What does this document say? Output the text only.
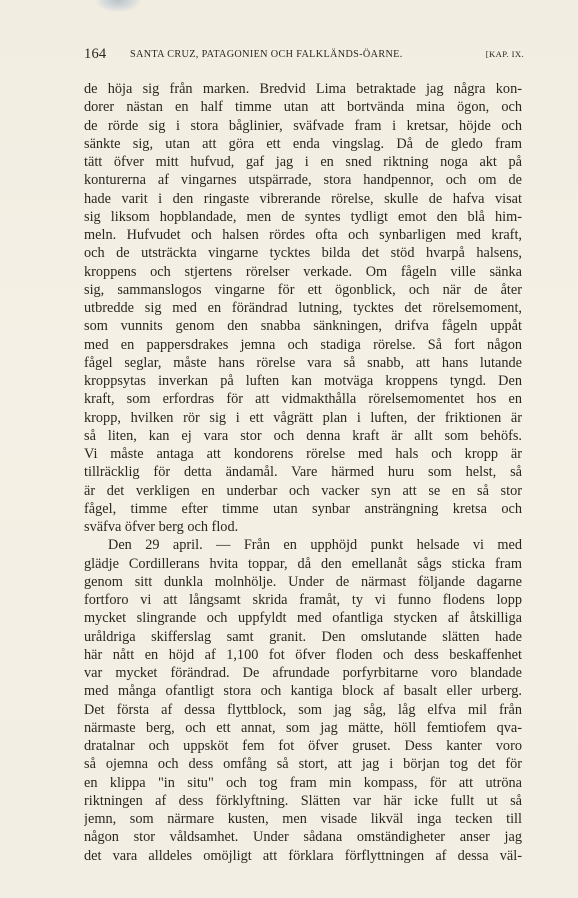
164 SANTA CRUZ, PATAGONIEN OCH FALKLÄNDS-ÖARNE.	[KAP. IX.
de höja sig från marken. Bredvid Lima betraktade jag några kon-
dorer nästan en half timme utan att bortvända mina ögon, och
de rörde sig i stora båglinier, sväfvade fram i kretsar, höjde och
sänkte sig, utan att göra ett enda vingslag. Då de gledo fram
tätt öfver mitt hufvud, gaf jag i en sned riktning noga akt på
konturerna af vingarnes utspärrade, stora handpennor, och om de
hade varit i den ringaste vibrerande rörelse, skulle de hafva visat
sig liksom hopblandade, men de syntes tydligt emot den blå him-
meln. Hufvudet och halsen rördes ofta och synbarligen med kraft,
och de utsträckta vingarne tycktes bilda det stöd hvarpå halsens,
kroppens och stjertens rörelser verkade. Om fågeln ville sänka
sig, sammanslogos vingarne för ett ögonblick, och när de åter
utbredde sig med en förändrad lutning, tycktes det rörelsemoment,
som vunnits genom den snabba sänkningen, drifva fågeln uppåt
med en pappersdrakes jemna och stadiga rörelse. Så fort någon
fågel seglar, måste hans rörelse vara så snabb, att hans lutande
kroppsytas inverkan på luften kan motväga kroppens tyngd. Den
kraft, som erfordras för att vidmakthålla rörelsemomentet hos en
kropp, hvilken rör sig i ett vågrätt plan i luften, der friktionen är
så liten, kan ej vara stor och denna kraft är allt som behöfs.
Vi måste antaga att kondorens rörelse med hals och kropp är
tillräcklig för detta ändamål. Vare härmed huru som helst, så
är det verkligen en underbar och vacker syn att se en så stor
fågel, timme efter timme utan synbar ansträngning kretsa och
sväfva öfver berg och flod.
Den 29 april. — Från en upphöjd punkt helsade vi med
glädje Cordillerans hvita toppar, då den emellanåt sågs sticka fram
genom sitt dunkla molnhölje. Under de närmast följande dagarne
fortforo vi att långsamt skrida framåt, ty vi funno flodens lopp
mycket slingrande och uppfyldt med ofantliga stycken af åtskilliga
uråldriga skifferslag samt granit. Den omslutande slätten hade
här nått en höjd af 1,100 fot öfver floden och dess beskaffenhet
var mycket förändrad. De afrundade porfyrbitarne voro blandade
med många ofantligt stora och kantiga block af basalt eller urberg.
Det första af dessa flyttblock, som jag såg, låg elfva mil från
närmaste berg, och ett annat, som jag mätte, höll femtiofem qva-
dratalnar och uppsköt fem fot öfver gruset. Dess kanter voro
så ojemna och dess omfång så stort, att jag i början tog det för
en klippa "in situ" och tog fram min kompass, för att utröna
riktningen af dess förklyftning. Slätten var här icke fullt ut så
jemn, som närmare kusten, men visade likväl inga tecken till
någon stor våldsamhet. Under sådana omständigheter anser jag
det vara alldeles omöjligt att förklara förflyttningen af dessa väl-
